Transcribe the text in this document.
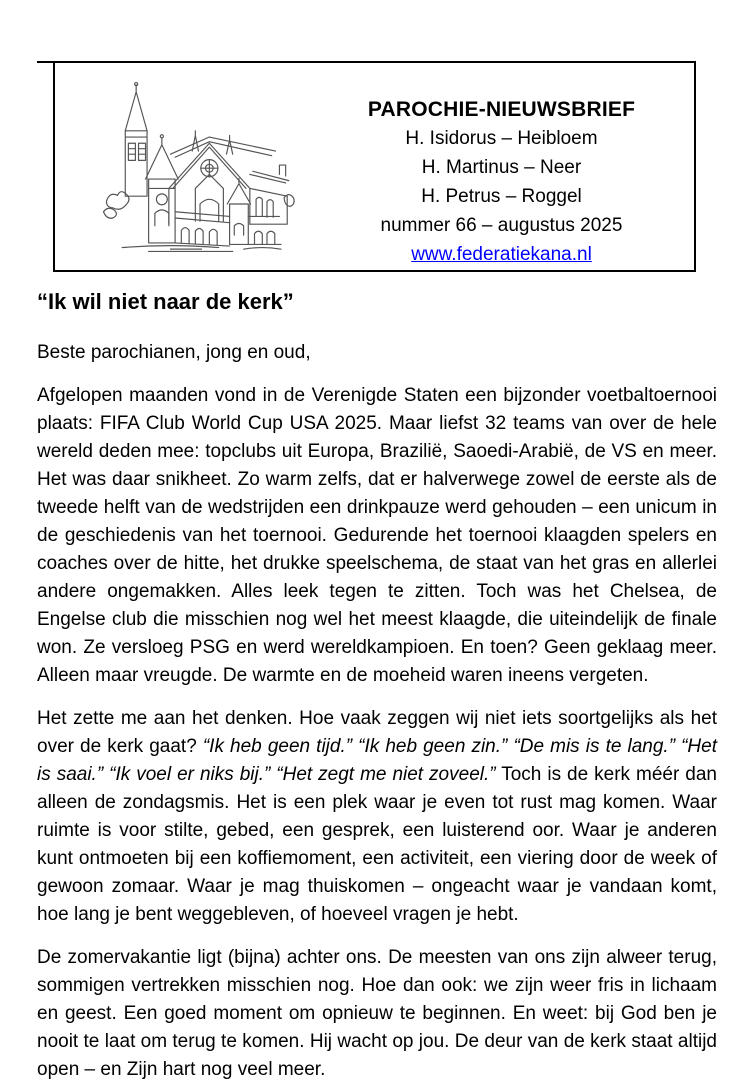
PAROCHIE-NIEUWSBRIEF
H. Isidorus – Heibloem
H. Martinus – Neer
H. Petrus – Roggel
nummer 66 – augustus 2025
www.federatiekana.nl
“Ik wil niet naar de kerk”

Beste parochianen, jong en oud,

Afgelopen maanden vond in de Verenigde Staten een bijzonder voetbaltoernooi plaats: FIFA Club World Cup USA 2025. Maar liefst 32 teams van over de hele wereld deden mee: topclubs uit Europa, Brazilië, Saoedi-Arabië, de VS en meer. Het was daar snikheet. Zo warm zelfs, dat er halverwege zowel de eerste als de tweede helft van de wedstrijden een drinkpauze werd gehouden – een unicum in de geschiedenis van het toernooi. Gedurende het toernooi klaagden spelers en coaches over de hitte, het drukke speelschema, de staat van het gras en allerlei andere ongemakken. Alles leek tegen te zitten. Toch was het Chelsea, de Engelse club die misschien nog wel het meest klaagde, die uiteindelijk de finale won. Ze versloeg PSG en werd wereldkampioen. En toen? Geen geklaag meer. Alleen maar vreugde. De warmte en de moeheid waren ineens vergeten.

Het zette me aan het denken. Hoe vaak zeggen wij niet iets soortgelijks als het over de kerk gaat? “Ik heb geen tijd.” “Ik heb geen zin.” “De mis is te lang.” “Het is saai.” “Ik voel er niks bij.” “Het zegt me niet zoveel.” Toch is de kerk méér dan alleen de zondagsmis. Het is een plek waar je even tot rust mag komen. Waar ruimte is voor stilte, gebed, een gesprek, een luisterend oor. Waar je anderen kunt ontmoeten bij een koffiemoment, een activiteit, een viering door de week of gewoon zomaar. Waar je mag thuiskomen – ongeacht waar je vandaan komt, hoe lang je bent weggebleven, of hoeveel vragen je hebt.

De zomervakantie ligt (bijna) achter ons. De meesten van ons zijn alweer terug, sommigen vertrekken misschien nog. Hoe dan ook: we zijn weer fris in lichaam en geest. Een goed moment om opnieuw te beginnen. En weet: bij God ben je nooit te laat om terug te komen. Hij wacht op jou. De deur van de kerk staat altijd open – en Zijn hart nog veel meer.
